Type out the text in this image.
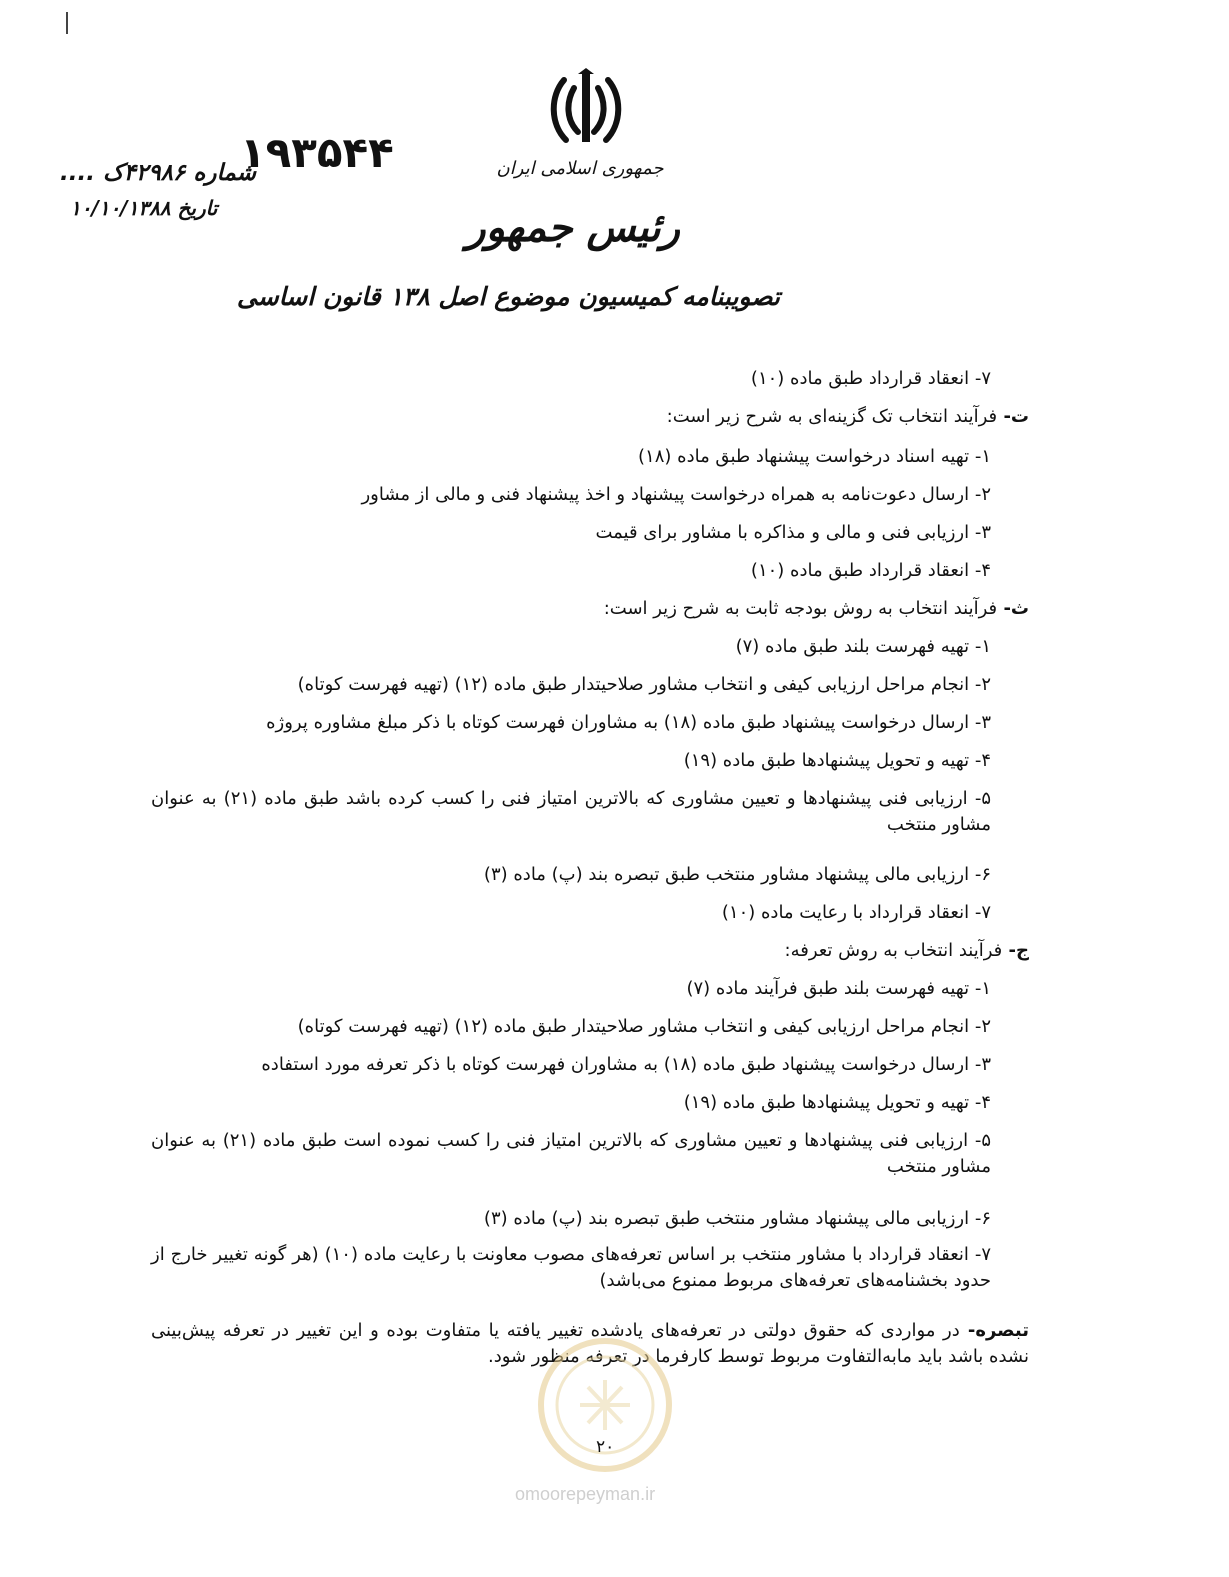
جمهوری اسلامی ایران
رئیس جمهور
تصویبنامه کمیسیون موضوع اصل ۱۳۸ قانون اساسی
۱۹۳۵۴۴
شماره ۴۲۹۸۶ک ....
تاریخ ۱۰/۱۰/۱۳۸۸
۷- انعقاد قرارداد طبق ماده (۱۰)
ت- فرآیند انتخاب تک گزینه‌ای به شرح زیر است:
۱- تهیه اسناد درخواست پیشنهاد طبق ماده (۱۸)
۲- ارسال دعوت‌نامه به همراه درخواست پیشنهاد و اخذ پیشنهاد فنی و مالی از مشاور
۳- ارزیابی فنی و مالی و مذاکره با مشاور برای قیمت
۴- انعقاد قرارداد طبق ماده (۱۰)
ث- فرآیند انتخاب به روش بودجه ثابت به شرح زیر است:
۱- تهیه فهرست بلند طبق ماده (۷)
۲- انجام مراحل ارزیابی کیفی و انتخاب مشاور صلاحیتدار طبق ماده (۱۲) (تهیه فهرست کوتاه)
۳- ارسال درخواست پیشنهاد طبق ماده (۱۸) به مشاوران فهرست کوتاه با ذکر مبلغ مشاوره پروژه
۴- تهیه و تحویل پیشنهادها طبق ماده (۱۹)
۵- ارزیابی فنی پیشنهادها و تعیین مشاوری که بالاترین امتیاز فنی را کسب کرده باشد طبق ماده (۲۱) به عنوان مشاور منتخب
۶- ارزیابی مالی پیشنهاد مشاور منتخب طبق تبصره بند (پ) ماده (۳)
۷- انعقاد قرارداد با رعایت ماده (۱۰)
ج- فرآیند انتخاب به روش تعرفه:
۱- تهیه فهرست بلند طبق فرآیند ماده (۷)
۲- انجام مراحل ارزیابی کیفی و انتخاب مشاور صلاحیتدار طبق ماده (۱۲) (تهیه فهرست کوتاه)
۳- ارسال درخواست پیشنهاد طبق ماده (۱۸) به مشاوران فهرست کوتاه با ذکر تعرفه مورد استفاده
۴- تهیه و تحویل پیشنهادها طبق ماده (۱۹)
۵- ارزیابی فنی پیشنهادها و تعیین مشاوری که بالاترین امتیاز فنی را کسب نموده است طبق ماده (۲۱) به عنوان مشاور منتخب
۶- ارزیابی مالی پیشنهاد مشاور منتخب طبق تبصره بند (پ) ماده (۳)
۷- انعقاد قرارداد با مشاور منتخب بر اساس تعرفه‌های مصوب معاونت با رعایت ماده (۱۰) (هر گونه تغییر خارج از حدود بخشنامه‌های تعرفه‌های مربوط ممنوع می‌باشد)
تبصره- در مواردی که حقوق دولتی در تعرفه‌های یادشده تغییر یافته یا متفاوت بوده و این تغییر در تعرفه پیش‌بینی نشده باشد باید مابه‌التفاوت مربوط توسط کارفرما در تعرفه منظور شود.
۲۰
omoorepeyman.ir
